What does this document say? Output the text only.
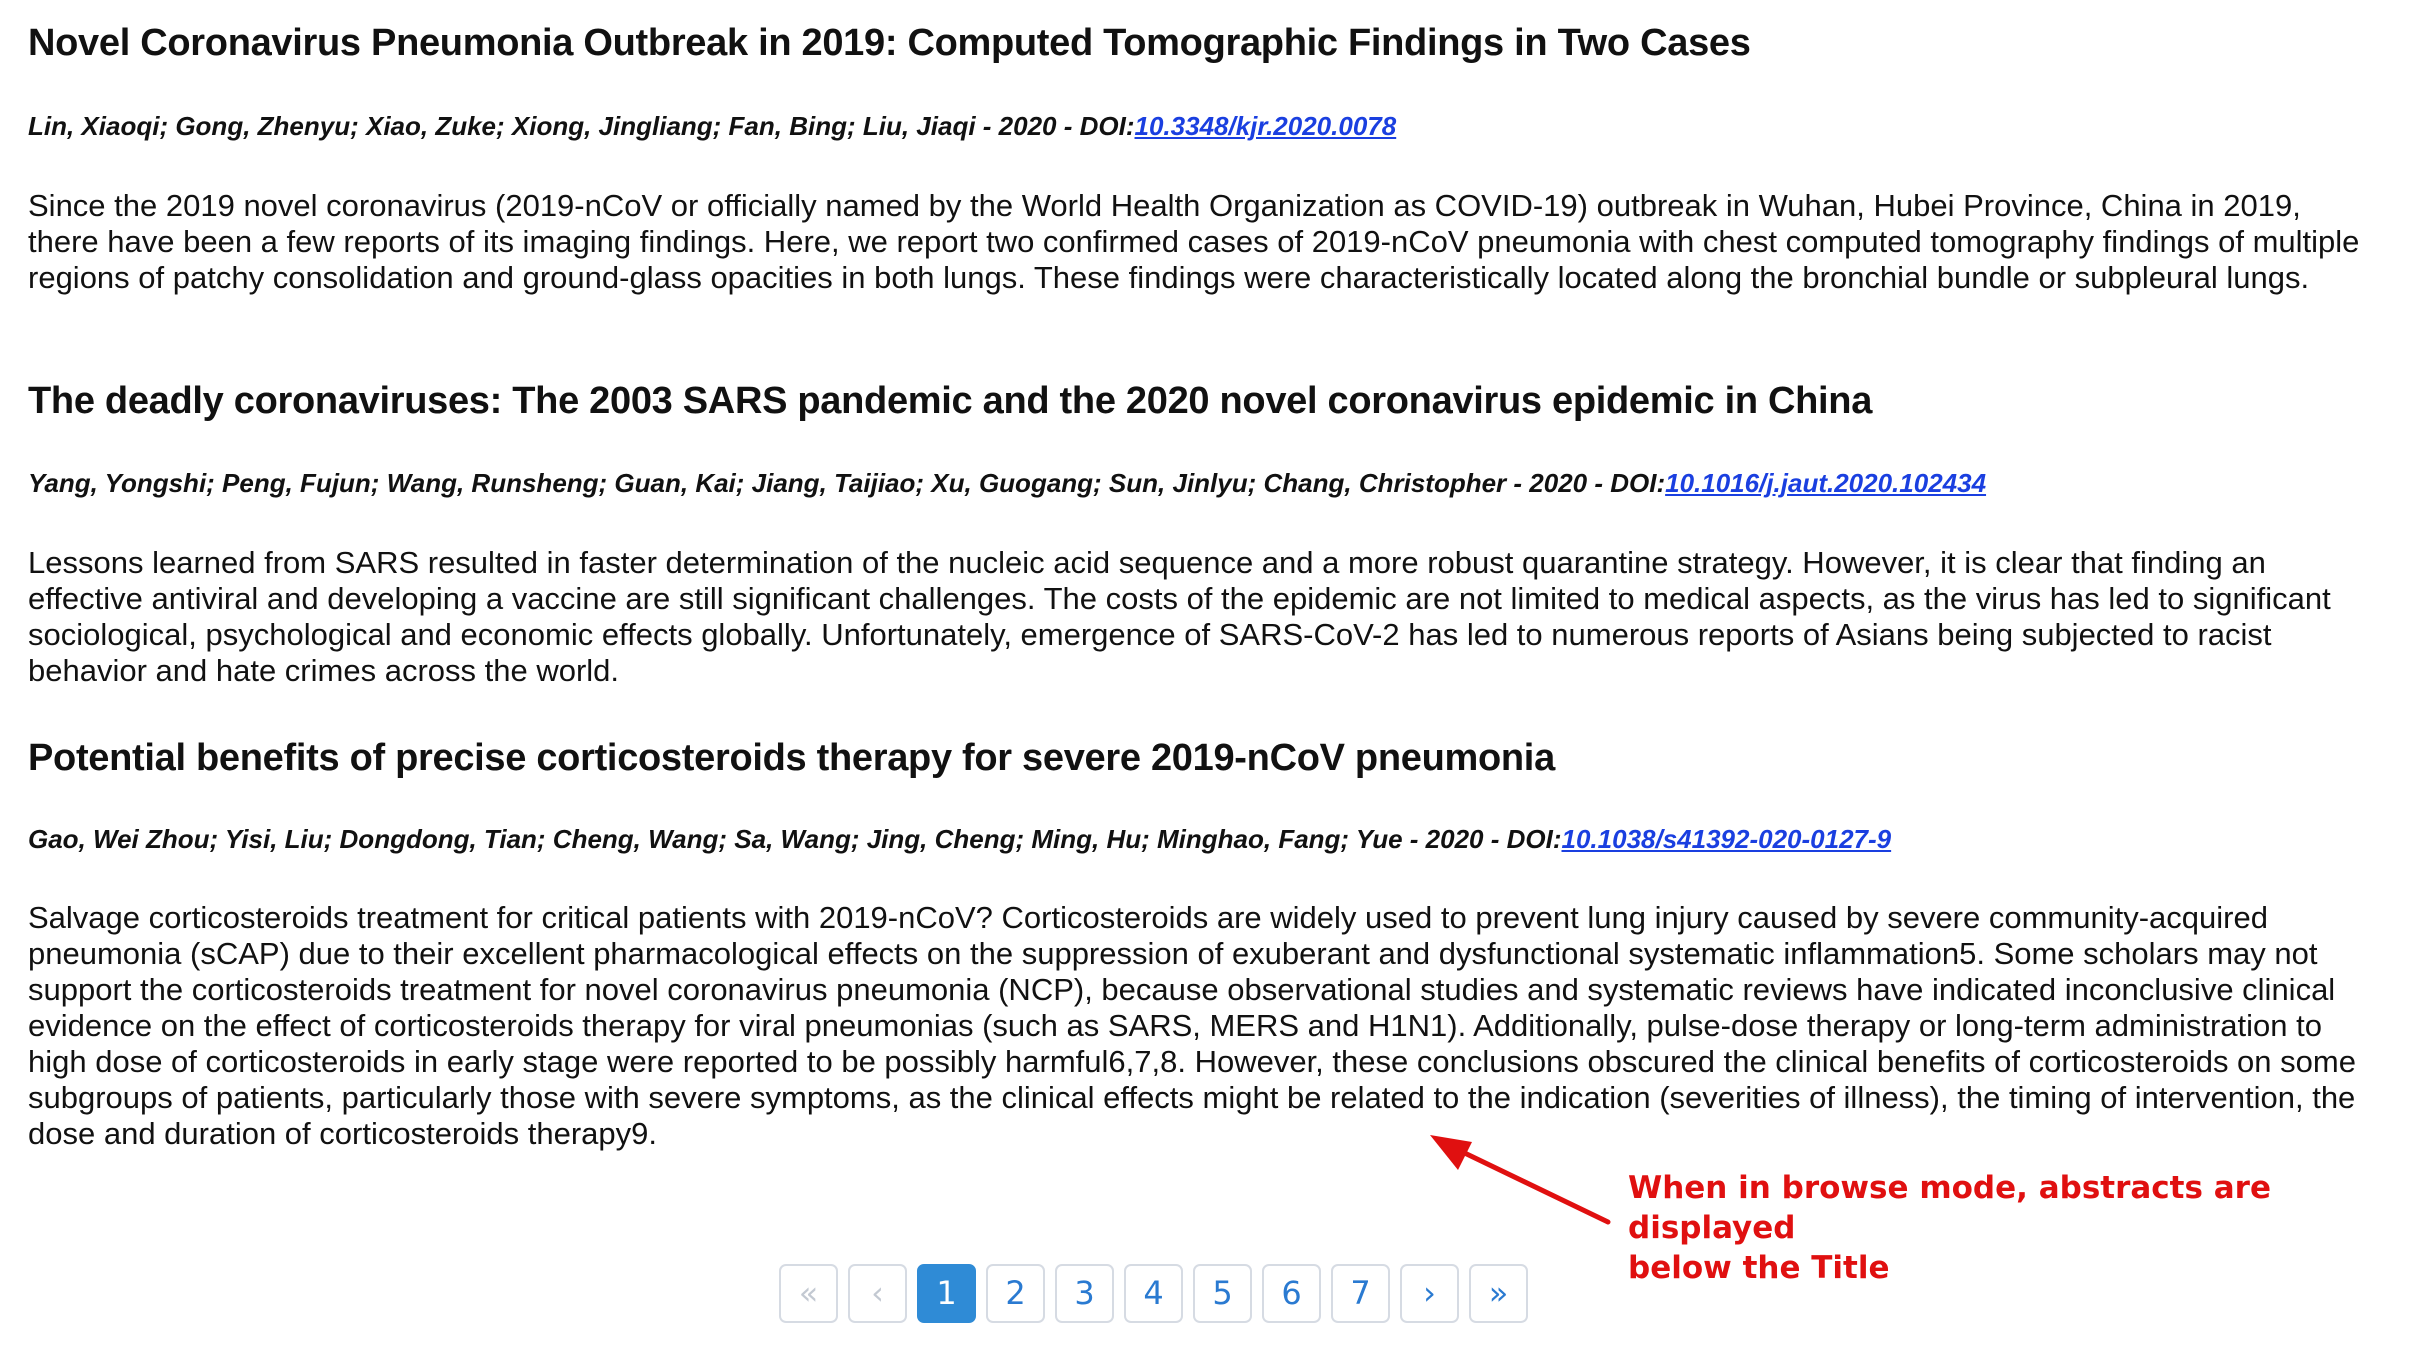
Novel Coronavirus Pneumonia Outbreak in 2019: Computed Tomographic Findings in Two Cases

Lin, Xiaoqi; Gong, Zhenyu; Xiao, Zuke; Xiong, Jingliang; Fan, Bing; Liu, Jiaqi - 2020 - DOI:10.3348/kjr.2020.0078

Since the 2019 novel coronavirus (2019-nCoV or officially named by the World Health Organization as COVID-19) outbreak in Wuhan, Hubei Province, China in 2019, there have been a few reports of its imaging findings. Here, we report two confirmed cases of 2019-nCoV pneumonia with chest computed tomography findings of multiple regions of patchy consolidation and ground-glass opacities in both lungs. These findings were characteristically located along the bronchial bundle or subpleural lungs.

The deadly coronaviruses: The 2003 SARS pandemic and the 2020 novel coronavirus epidemic in China

Yang, Yongshi; Peng, Fujun; Wang, Runsheng; Guan, Kai; Jiang, Taijiao; Xu, Guogang; Sun, Jinlyu; Chang, Christopher - 2020 - DOI:10.1016/j.jaut.2020.102434

Lessons learned from SARS resulted in faster determination of the nucleic acid sequence and a more robust quarantine strategy. However, it is clear that finding an effective antiviral and developing a vaccine are still significant challenges. The costs of the epidemic are not limited to medical aspects, as the virus has led to significant sociological, psychological and economic effects globally. Unfortunately, emergence of SARS-CoV-2 has led to numerous reports of Asians being subjected to racist behavior and hate crimes across the world.

Potential benefits of precise corticosteroids therapy for severe 2019-nCoV pneumonia

Gao, Wei Zhou; Yisi, Liu; Dongdong, Tian; Cheng, Wang; Sa, Wang; Jing, Cheng; Ming, Hu; Minghao, Fang; Yue - 2020 - DOI:10.1038/s41392-020-0127-9

Salvage corticosteroids treatment for critical patients with 2019-nCoV? Corticosteroids are widely used to prevent lung injury caused by severe community-acquired pneumonia (sCAP) due to their excellent pharmacological effects on the suppression of exuberant and dysfunctional systematic inflammation5. Some scholars may not support the corticosteroids treatment for novel coronavirus pneumonia (NCP), because observational studies and systematic reviews have indicated inconclusive clinical evidence on the effect of corticosteroids therapy for viral pneumonias (such as SARS, MERS and H1N1). Additionally, pulse-dose therapy or long-term administration to high dose of corticosteroids in early stage were reported to be possibly harmful6,7,8. However, these conclusions obscured the clinical benefits of corticosteroids on some subgroups of patients, particularly those with severe symptoms, as the clinical effects might be related to the indication (severities of illness), the timing of intervention, the dose and duration of corticosteroids therapy9.

When in browse mode, abstracts are displayed
below the Title
«	‹	1	2	3	4	5	6	7	›	»
